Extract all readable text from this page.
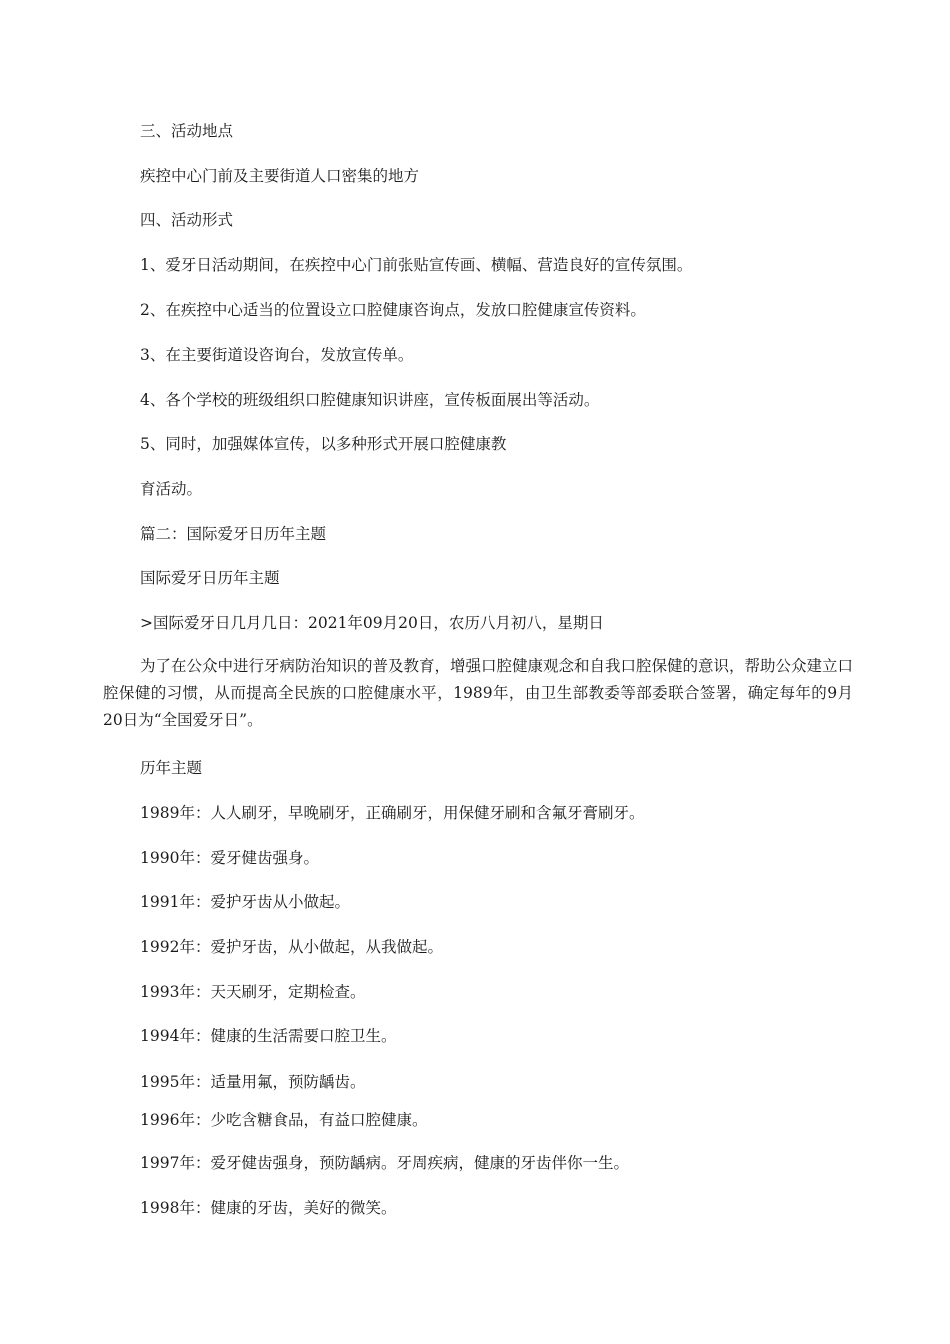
三、活动地点
疾控中心门前及主要街道人口密集的地方
四、活动形式
1、爱牙日活动期间，在疾控中心门前张贴宣传画、横幅、营造良好的宣传氛围。
2、在疾控中心适当的位置设立口腔健康咨询点，发放口腔健康宣传资料。
3、在主要街道设咨询台，发放宣传单。
4、各个学校的班级组织口腔健康知识讲座，宣传板面展出等活动。
5、同时，加强媒体宣传，以多种形式开展口腔健康教
育活动。
篇二：国际爱牙日历年主题
国际爱牙日历年主题
>国际爱牙日几月几日：2021年09月20日，农历八月初八，星期日
为了在公众中进行牙病防治知识的普及教育，增强口腔健康观念和自我口腔保健的意识，帮助公众建立口腔保健的习惯，从而提高全民族的口腔健康水平，1989年，由卫生部教委等部委联合签署，确定每年的9月20日为“全国爱牙日”。
历年主题
1989年：人人刷牙，早晚刷牙，正确刷牙，用保健牙刷和含氟牙膏刷牙。
1990年：爱牙健齿强身。
1991年：爱护牙齿从小做起。
1992年：爱护牙齿，从小做起，从我做起。
1993年：天天刷牙，定期检查。
1994年：健康的生活需要口腔卫生。
1995年：适量用氟，预防龋齿。
1996年：少吃含糖食品，有益口腔健康。
1997年：爱牙健齿强身，预防龋病。牙周疾病，健康的牙齿伴你一生。
1998年：健康的牙齿，美好的微笑。
